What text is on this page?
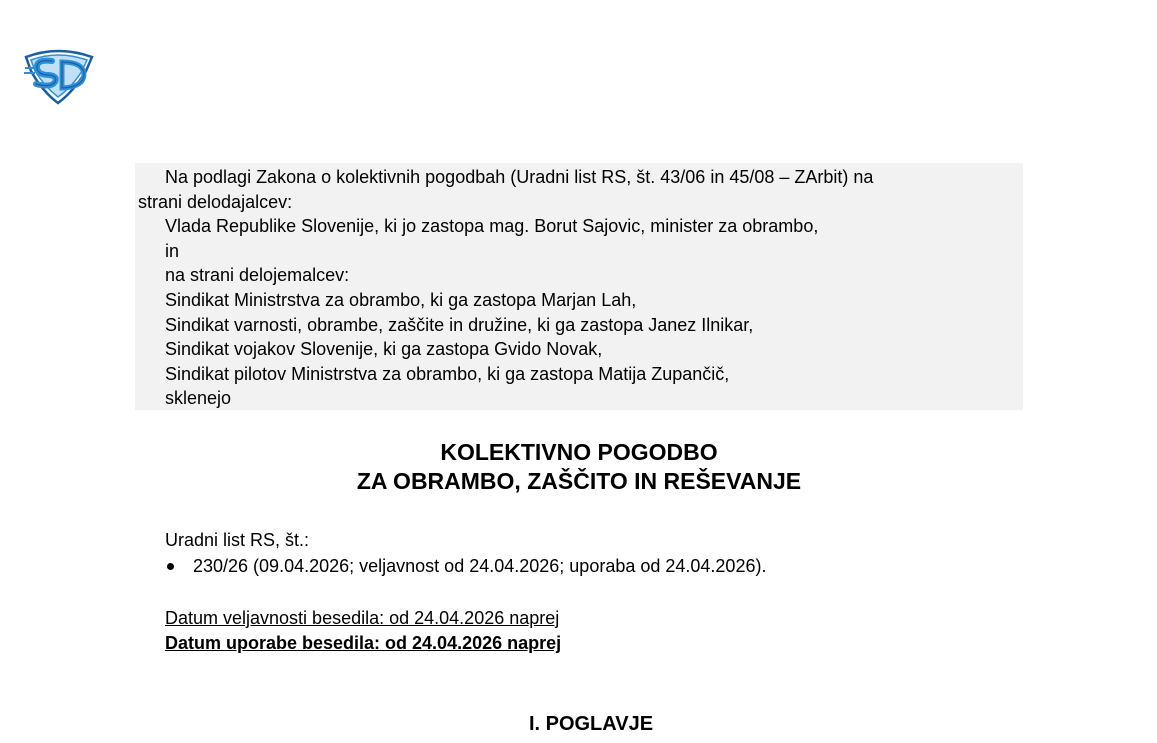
Na podlagi Zakona o kolektivnih pogodbah (Uradni list RS, št. 43/06 in 45/08 – ZArbit) na
strani delodajalcev:
Vlada Republike Slovenije, ki jo zastopa mag. Borut Sajovic, minister za obrambo,
in
na strani delojemalcev:
Sindikat Ministrstva za obrambo, ki ga zastopa Marjan Lah,
Sindikat varnosti, obrambe, zaščite in družine, ki ga zastopa Janez Ilnikar,
Sindikat vojakov Slovenije, ki ga zastopa Gvido Novak,
Sindikat pilotov Ministrstva za obrambo, ki ga zastopa Matija Zupančič,
sklenejo
KOLEKTIVNO POGODBO
ZA OBRAMBO, ZAŠČITO IN REŠEVANJE
Uradni list RS, št.:
230/26 (09.04.2026; veljavnost od 24.04.2026; uporaba od 24.04.2026).
Datum veljavnosti besedila: od 24.04.2026 naprej
Datum uporabe besedila: od 24.04.2026 naprej
I. POGLAVJE
